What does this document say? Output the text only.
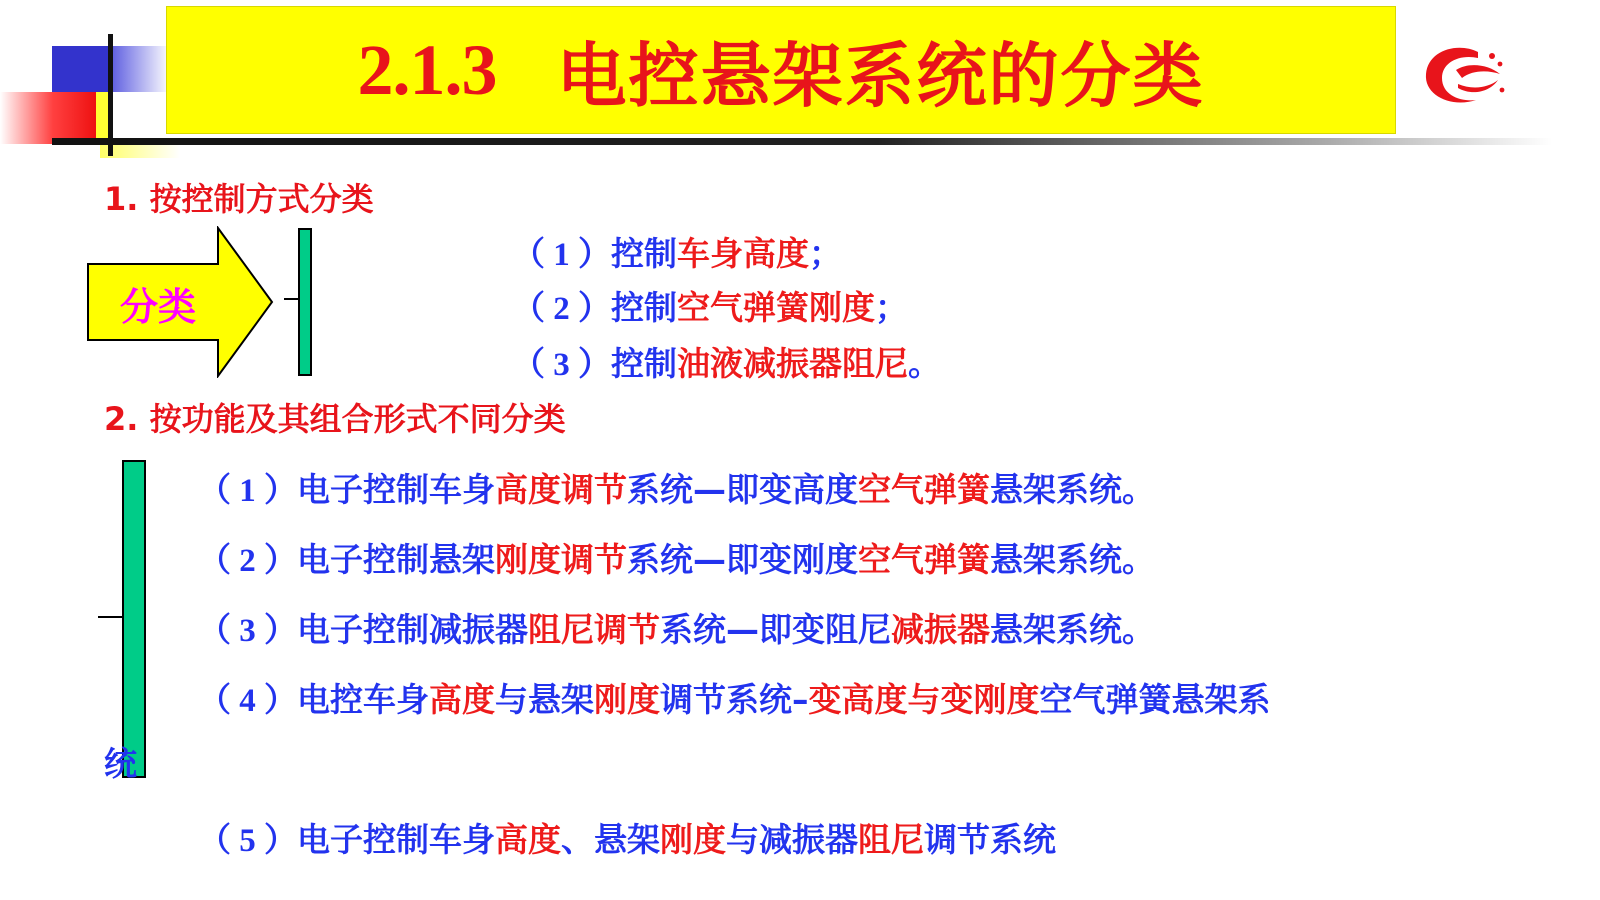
2.1.3 电控悬架系统的分类
1. 按控制方式分类
分类
（ 1 ）控制车身高度；
（ 2 ）控制空气弹簧刚度；
（ 3 ）控制油液减振器阻尼。
2. 按功能及其组合形式不同分类
（ 1 ）电子控制车身高度调节系统—即变高度空气弹簧悬架系统。
（ 2 ）电子控制悬架刚度调节系统—即变刚度空气弹簧悬架系统。
（ 3 ）电子控制减振器阻尼调节系统—即变阻尼减振器悬架系统。
（ 4 ）电控车身高度与悬架刚度调节系统–变高度与变刚度空气弹簧悬架系
统
（ 5 ）电子控制车身高度、悬架刚度与减振器阻尼调节系统
